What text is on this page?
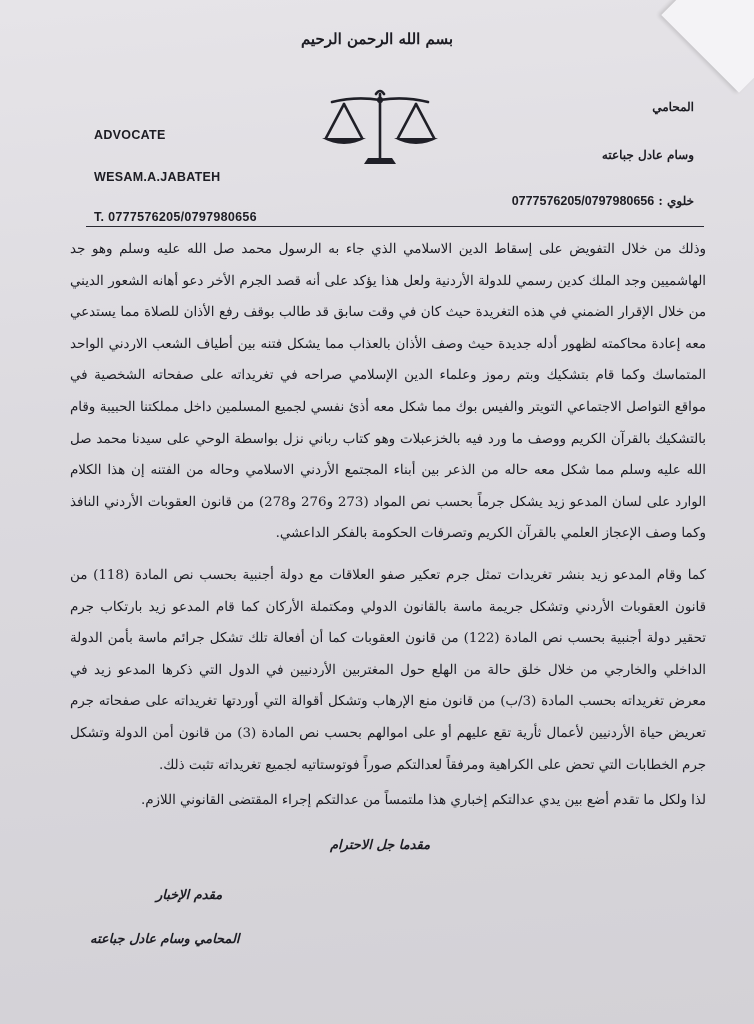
بسم الله الرحمن الرحيم
ADVOCATE
WESAM.A.JABATEH
T. 0777576205/0797980656
المحامي
وسام عادل جباعته
خلوي : 0777576205/0797980656

وذلك من خلال التفويض على إسقاط الدين الاسلامي الذي جاء به الرسول محمد صل الله عليه وسلم وهو جد الهاشميين وجد الملك كدين رسمي للدولة الأردنية ولعل هذا يؤكد على أنه قصد الجرم الأخر دعو أهانه الشعور الديني من خلال الإقرار الضمني في هذه التغريدة حيث كان في وقت سابق قد طالب بوقف رفع الأذان للصلاة مما يستدعي معه إعادة محاكمته لظهور أدله جديدة حيث وصف الأذان بالعذاب مما يشكل فتنه بين أطياف الشعب الاردني الواحد المتماسك وكما قام بتشكيك وبتم رموز وعلماء الدين الإسلامي صراحه في تغريداته على صفحاته الشخصية في مواقع التواصل الاجتماعي التويتر والفيس بوك مما شكل معه أذئ نفسي لجميع المسلمين داخل مملكتنا الحبيبة وقام بالتشكيك بالقرآن الكريم ووصف ما ورد فيه بالخزعبلات وهو كتاب رباني نزل بواسطة الوحي على سيدنا محمد صل الله عليه وسلم مما شكل معه حاله من الذعر بين أبناء المجتمع الأردني الاسلامي وحاله من الفتنه إن هذا الكلام الوارد على لسان المدعو زيد يشكل جرماً بحسب نص المواد (273 و276 و278) من قانون العقوبات الأردني النافذ وكما وصف الإعجاز العلمي بالقرآن الكريم وتصرفات الحكومة بالفكر الداعشي.

كما وقام المدعو زيد بنشر تغريدات تمثل جرم تعكير صفو العلاقات مع دولة أجنبية بحسب نص المادة (118) من قانون العقوبات الأردني وتشكل جريمة ماسة بالقانون الدولي ومكتملة الأركان كما قام المدعو زيد بارتكاب جرم تحقير دولة أجنبية بحسب نص المادة (122) من قانون العقوبات كما أن أفعالة تلك تشكل جرائم ماسة بأمن الدولة الداخلي والخارجي من خلال خلق حالة من الهلع حول المغتربين الأردنيين في الدول التي ذكرها المدعو زيد في معرض تغريداته بحسب المادة (3/ب) من قانون منع الإرهاب وتشكل أقوالة التي أوردتها تغريداته على صفحاته جرم تعريض حياة الأردنيين لأعمال ثأرية تقع عليهم أو على اموالهم بحسب نص المادة (3) من قانون أمن الدولة وتشكل جرم الخطابات التي تحض على الكراهية ومرفقاً لعدالتكم صوراً فوتوستاتيه لجميع تغريداته تثبت ذلك.

لذا ولكل ما تقدم أضع بين يدي عدالتكم إخباري هذا ملتمساً من عدالتكم إجراء المقتضى القانوني اللازم.

مقدما جل الاحترام
مقدم الإخبار
المحامي وسام عادل جباعته
